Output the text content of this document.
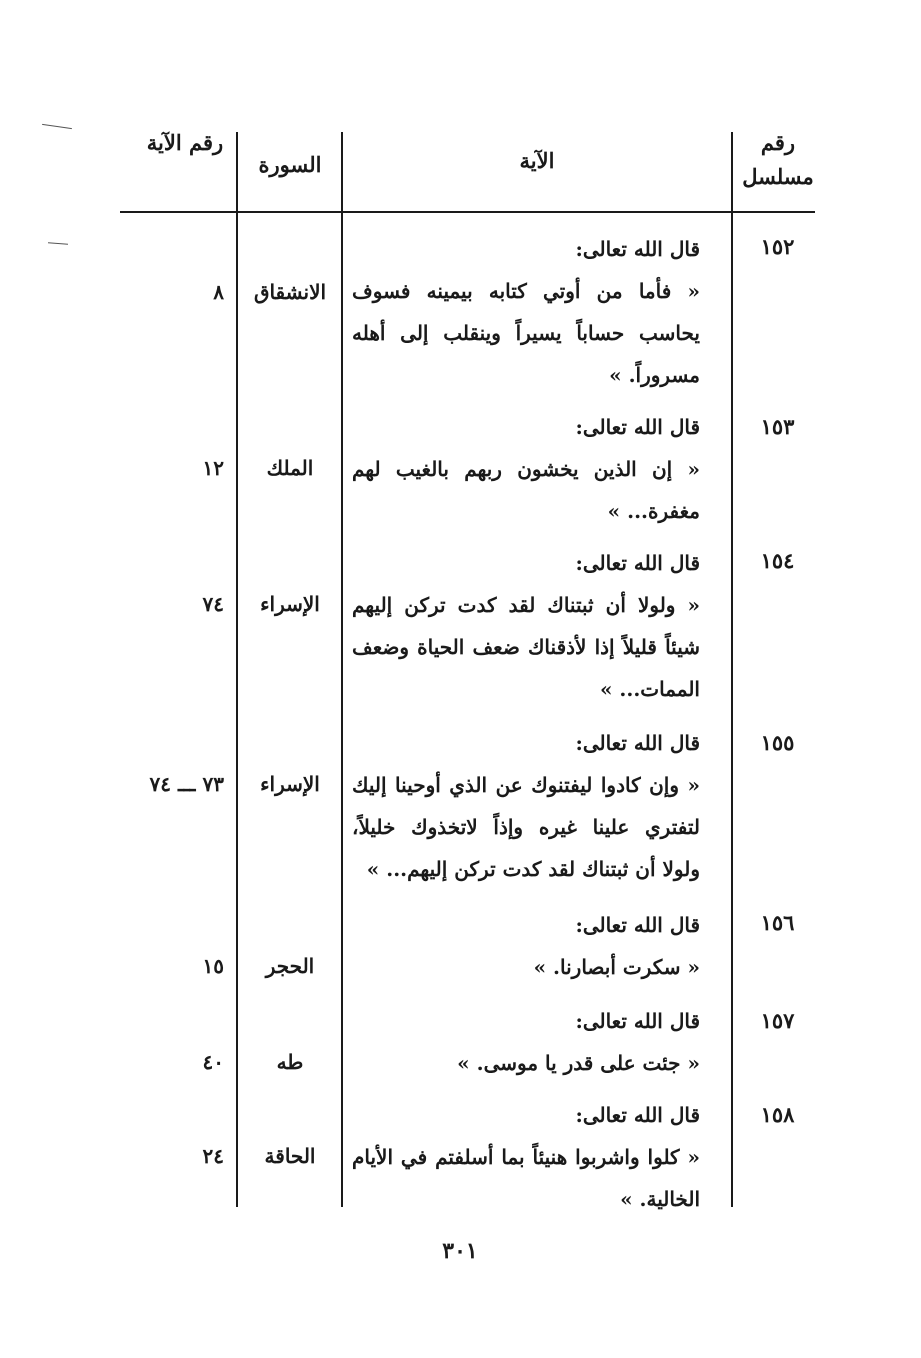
رقم مسلسل
الآية
السورة
رقم الآية
١٥٢
قال الله تعالى:
« فأما من أوتي كتابه بيمينه فسوف يحاسب حساباً يسيراً وينقلب إلى أهله مسروراً. »
الانشقاق
٨
١٥٣
قال الله تعالى:
« إن الذين يخشون ربهم بالغيب لهم مغفرة... »
الملك
١٢
١٥٤
قال الله تعالى:
« ولولا أن ثبتناك لقد كدت تركن إليهم شيئاً قليلاً إذا لأذقناك ضعف الحياة وضعف الممات... »
الإسراء
٧٤
١٥٥
قال الله تعالى:
« وإن كادوا ليفتنوك عن الذي أوحينا إليك لتفتري علينا غيره وإذاً لاتخذوك خليلاً، ولولا أن ثبتناك لقد كدت تركن إليهم... »
الإسراء
٧٣ ـــ ٧٤
١٥٦
قال الله تعالى:
« سكرت أبصارنا. »
الحجر
١٥
١٥٧
قال الله تعالى:
« جئت على قدر يا موسى. »
طه
٤٠
١٥٨
قال الله تعالى:
« كلوا واشربوا هنيئاً بما أسلفتم في الأيام الخالية. »
الحاقة
٢٤
٣٠١
